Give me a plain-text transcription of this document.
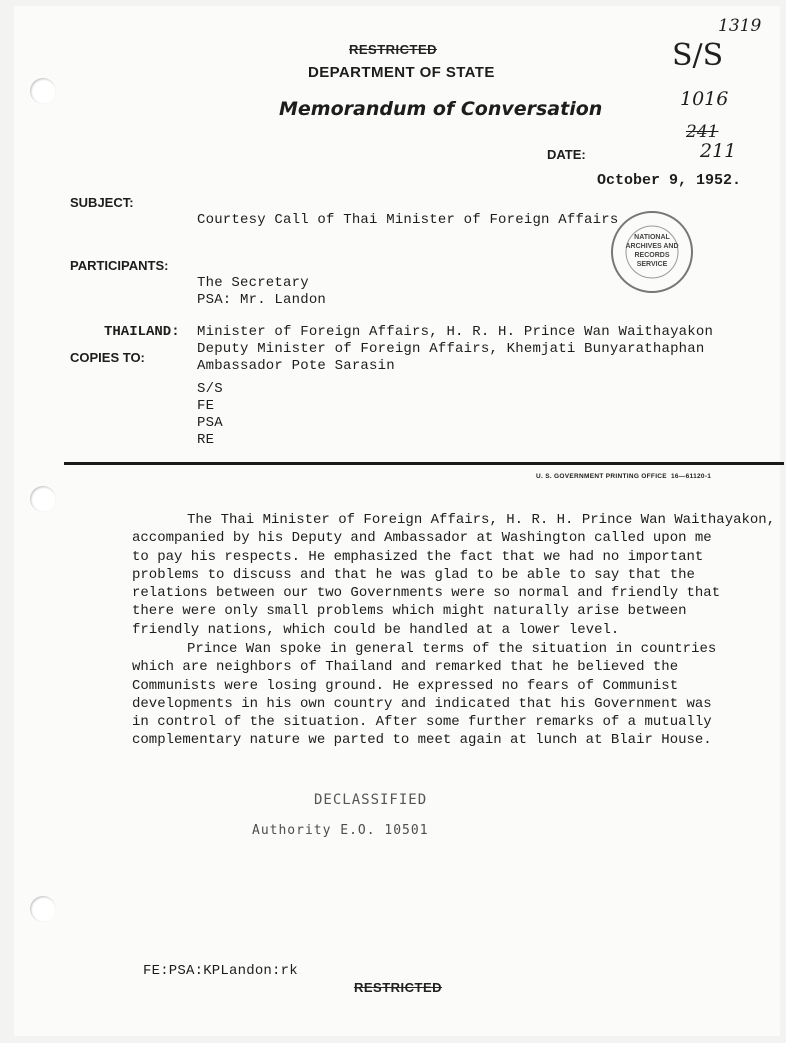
RESTRICTED
DEPARTMENT OF STATE
Memorandum of Conversation
1319
S/S
1016
241
211
DATE:
October 9, 1952.
SUBJECT:
Courtesy Call of Thai Minister of Foreign Affairs
NATIONAL
ARCHIVES AND
RECORDS
SERVICE
PARTICIPANTS:
The Secretary
PSA: Mr. Landon
THAILAND: Minister of Foreign Affairs, H. R. H. Prince Wan Waithayakon
Deputy Minister of Foreign Affairs, Khemjati Bunyarathaphan
Ambassador Pote Sarasin
COPIES TO:
S/S
FE
PSA
RE
U. S. GOVERNMENT PRINTING OFFICE 16—61120-1
The Thai Minister of Foreign Affairs, H. R. H. Prince Wan Waithayakon,
accompanied by his Deputy and Ambassador at Washington called upon me
to pay his respects. He emphasized the fact that we had no important
problems to discuss and that he was glad to be able to say that the
relations between our two Governments were so normal and friendly that
there were only small problems which might naturally arise between
friendly nations, which could be handled at a lower level.
Prince Wan spoke in general terms of the situation in countries
which are neighbors of Thailand and remarked that he believed the
Communists were losing ground. He expressed no fears of Communist
developments in his own country and indicated that his Government was
in control of the situation. After some further remarks of a mutually
complementary nature we parted to meet again at lunch at Blair House.
DECLASSIFIED
Authority E.O. 10501
FE:PSA:KPLandon:rk
RESTRICTED
